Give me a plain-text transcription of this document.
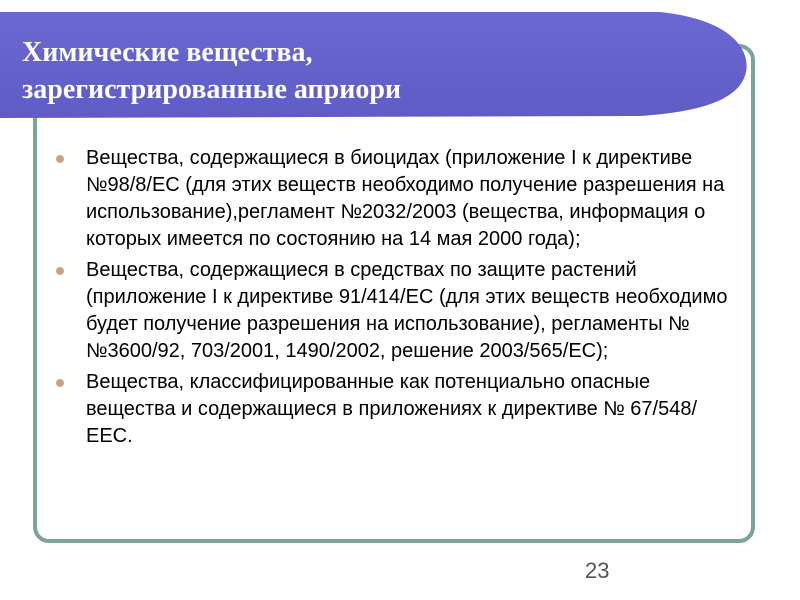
Химические вещества,
зарегистрированные априори
Вещества, содержащиеся в биоцидах (приложение I к директиве №98/8/ЕС (для этих веществ необходимо получение разрешения на использование),регламент №2032/2003 (вещества, информация о которых имеется по состоянию на 14 мая 2000 года);
Вещества, содержащиеся в средствах по защите растений (приложение I к директиве 91/414/ЕС (для этих веществ необходимо будет получение разрешения на использование), регламенты №№3600/92, 703/2001, 1490/2002, решение 2003/565/ЕС);
Вещества, классифицированные как потенциально опасные вещества и содержащиеся в приложениях к директиве № 67/548/ЕЕС.
23
